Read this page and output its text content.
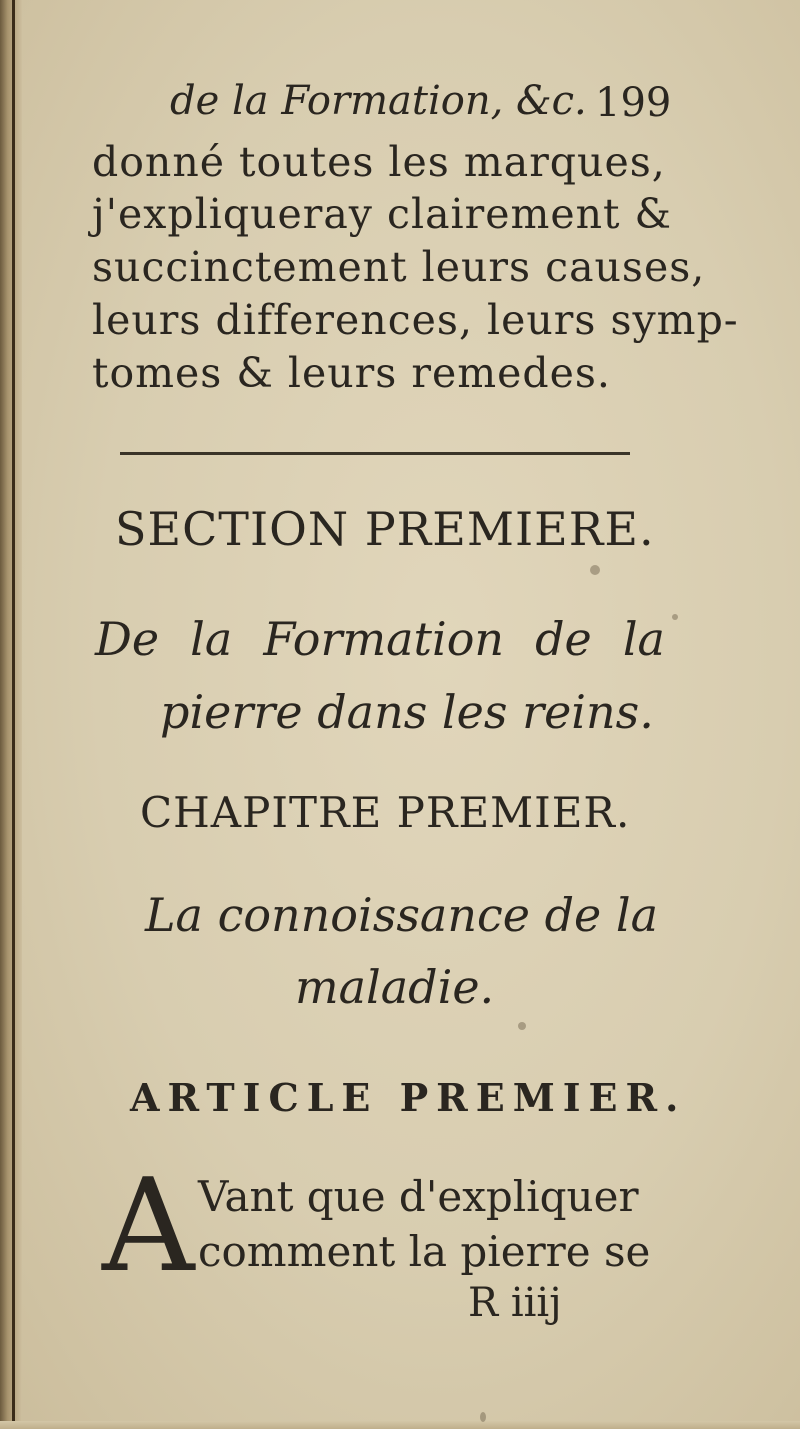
de la Formation, &c. 199
donné toutes les marques,
j'expliqueray clairement &
succinctement leurs causes,
leurs differences, leurs symp-
tomes & leurs remedes.
SECTION PREMIERE.
De la Formation de la
pierre dans les reins.
CHAPITRE PREMIER.
La connoissance de la
maladie.
ARTICLE PREMIER.
A Vant que d'expliquer
comment la pierre se
R iiij
